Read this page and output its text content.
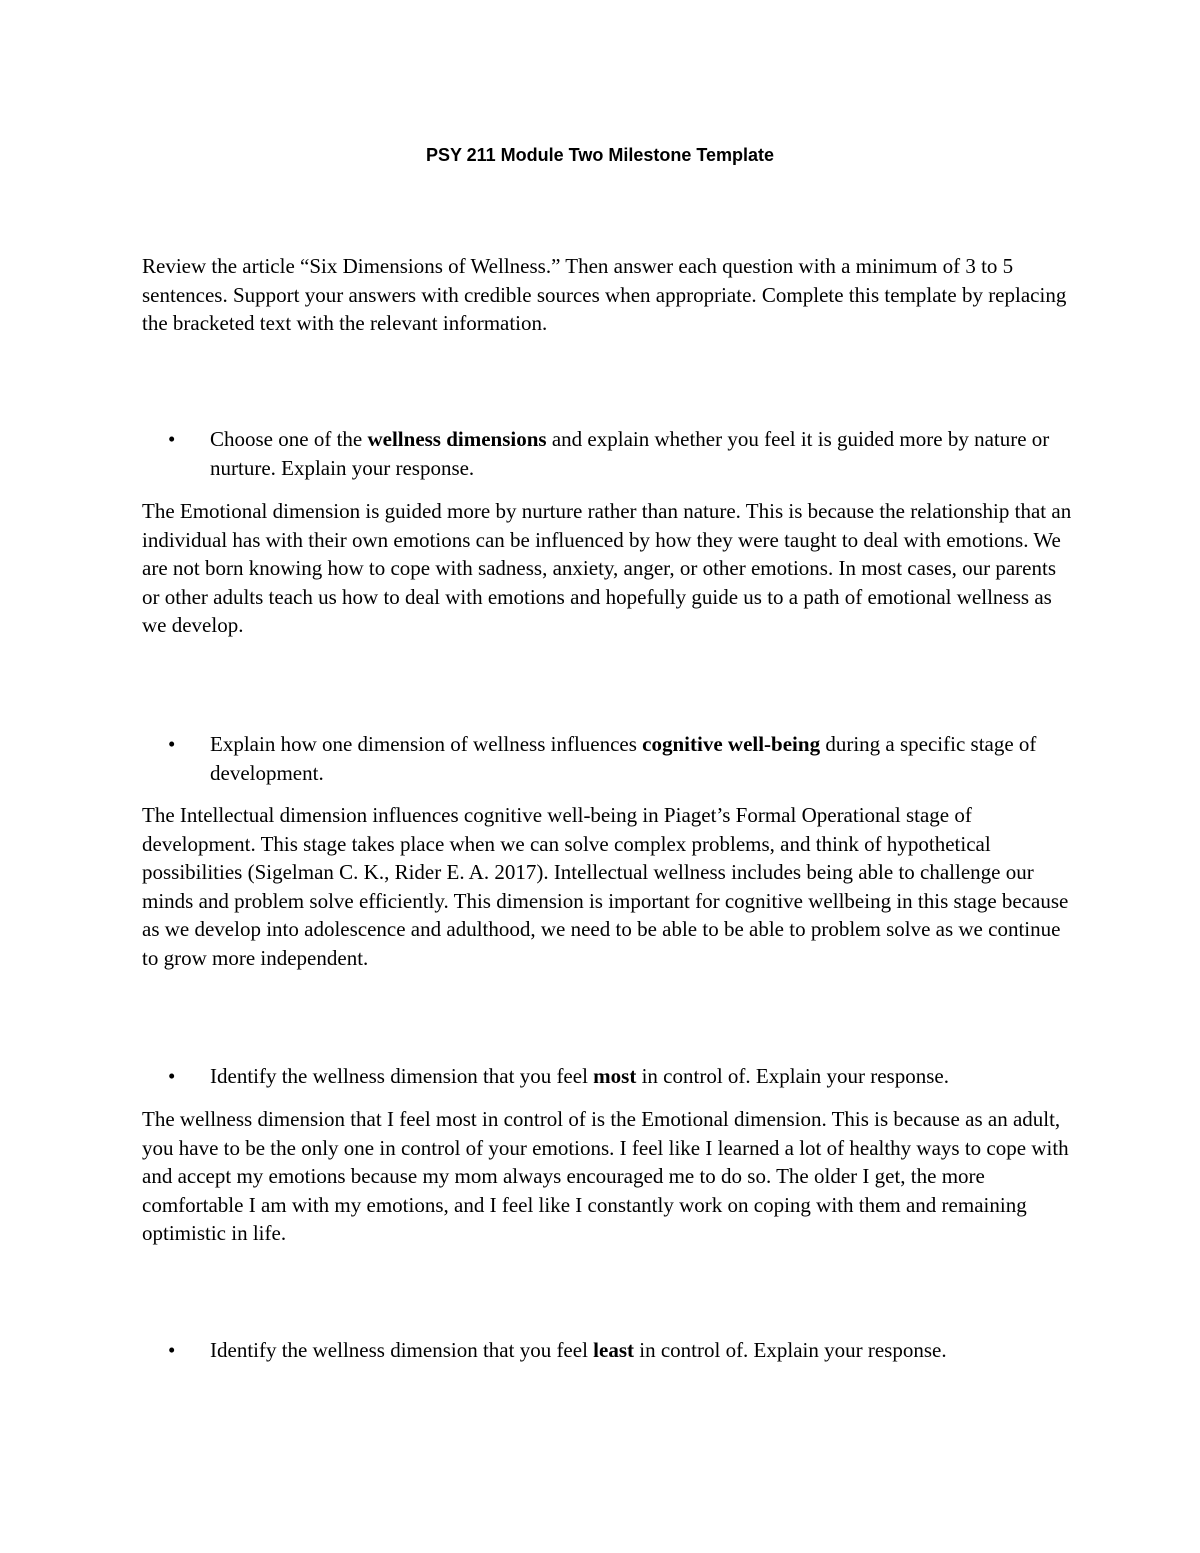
PSY 211 Module Two Milestone Template

Review the article “Six Dimensions of Wellness.” Then answer each question with a minimum of 3 to 5 sentences. Support your answers with credible sources when appropriate. Complete this template by replacing the bracketed text with the relevant information.

•	Choose one of the wellness dimensions and explain whether you feel it is guided more by nature or nurture. Explain your response.

The Emotional dimension is guided more by nurture rather than nature. This is because the relationship that an individual has with their own emotions can be influenced by how they were taught to deal with emotions. We are not born knowing how to cope with sadness, anxiety, anger, or other emotions. In most cases, our parents or other adults teach us how to deal with emotions and hopefully guide us to a path of emotional wellness as we develop.

•	Explain how one dimension of wellness influences cognitive well-being during a specific stage of development.

The Intellectual dimension influences cognitive well-being in Piaget’s Formal Operational stage of development. This stage takes place when we can solve complex problems, and think of hypothetical possibilities (Sigelman C. K., Rider E. A. 2017). Intellectual wellness includes being able to challenge our minds and problem solve efficiently. This dimension is important for cognitive wellbeing in this stage because as we develop into adolescence and adulthood, we need to be able to be able to problem solve as we continue to grow more independent.

•	Identify the wellness dimension that you feel most in control of. Explain your response.

The wellness dimension that I feel most in control of is the Emotional dimension. This is because as an adult, you have to be the only one in control of your emotions. I feel like I learned a lot of healthy ways to cope with and accept my emotions because my mom always encouraged me to do so. The older I get, the more comfortable I am with my emotions, and I feel like I constantly work on coping with them and remaining optimistic in life.

•	Identify the wellness dimension that you feel least in control of. Explain your response.
